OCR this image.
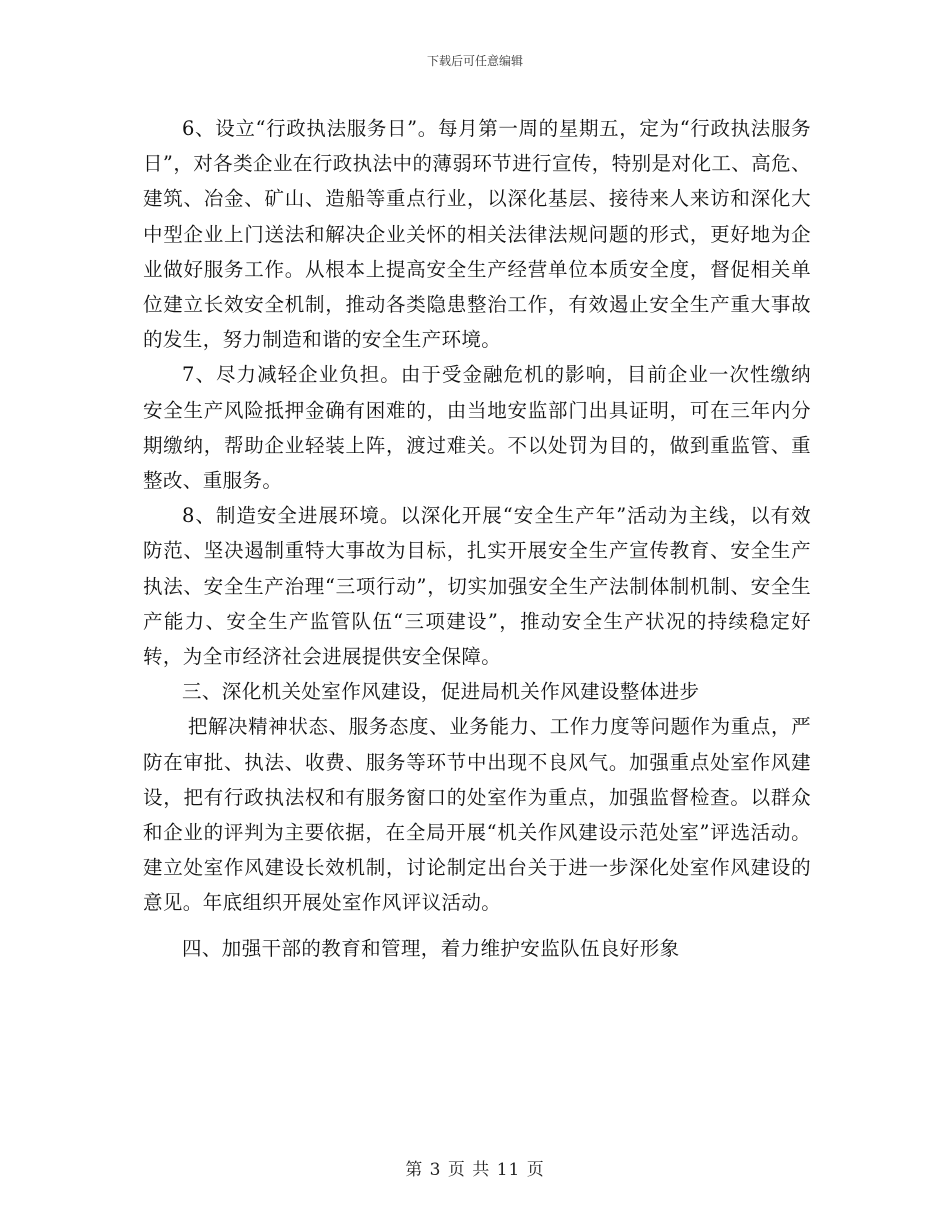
下载后可任意编辑

6、设立“行政执法服务日”。每月第一周的星期五，定为“行政执法服务日”，对各类企业在行政执法中的薄弱环节进行宣传，特别是对化工、高危、建筑、冶金、矿山、造船等重点行业，以深化基层、接待来人来访和深化大中型企业上门送法和解决企业关怀的相关法律法规问题的形式，更好地为企业做好服务工作。从根本上提高安全生产经营单位本质安全度，督促相关单位建立长效安全机制，推动各类隐患整治工作，有效遏止安全生产重大事故的发生，努力制造和谐的安全生产环境。

7、尽力减轻企业负担。由于受金融危机的影响，目前企业一次性缴纳安全生产风险抵押金确有困难的，由当地安监部门出具证明，可在三年内分期缴纳，帮助企业轻装上阵，渡过难关。不以处罚为目的，做到重监管、重整改、重服务。

8、制造安全进展环境。以深化开展“安全生产年”活动为主线，以有效防范、坚决遏制重特大事故为目标，扎实开展安全生产宣传教育、安全生产执法、安全生产治理“三项行动”，切实加强安全生产法制体制机制、安全生产能力、安全生产监管队伍“三项建设”，推动安全生产状况的持续稳定好转，为全市经济社会进展提供安全保障。

三、深化机关处室作风建设，促进局机关作风建设整体进步

把解决精神状态、服务态度、业务能力、工作力度等问题作为重点，严防在审批、执法、收费、服务等环节中出现不良风气。加强重点处室作风建设，把有行政执法权和有服务窗口的处室作为重点，加强监督检查。以群众和企业的评判为主要依据，在全局开展“机关作风建设示范处室”评选活动。建立处室作风建设长效机制，讨论制定出台关于进一步深化处室作风建设的意见。年底组织开展处室作风评议活动。

四、加强干部的教育和管理，着力维护安监队伍良好形象

第 3 页 共 11 页
